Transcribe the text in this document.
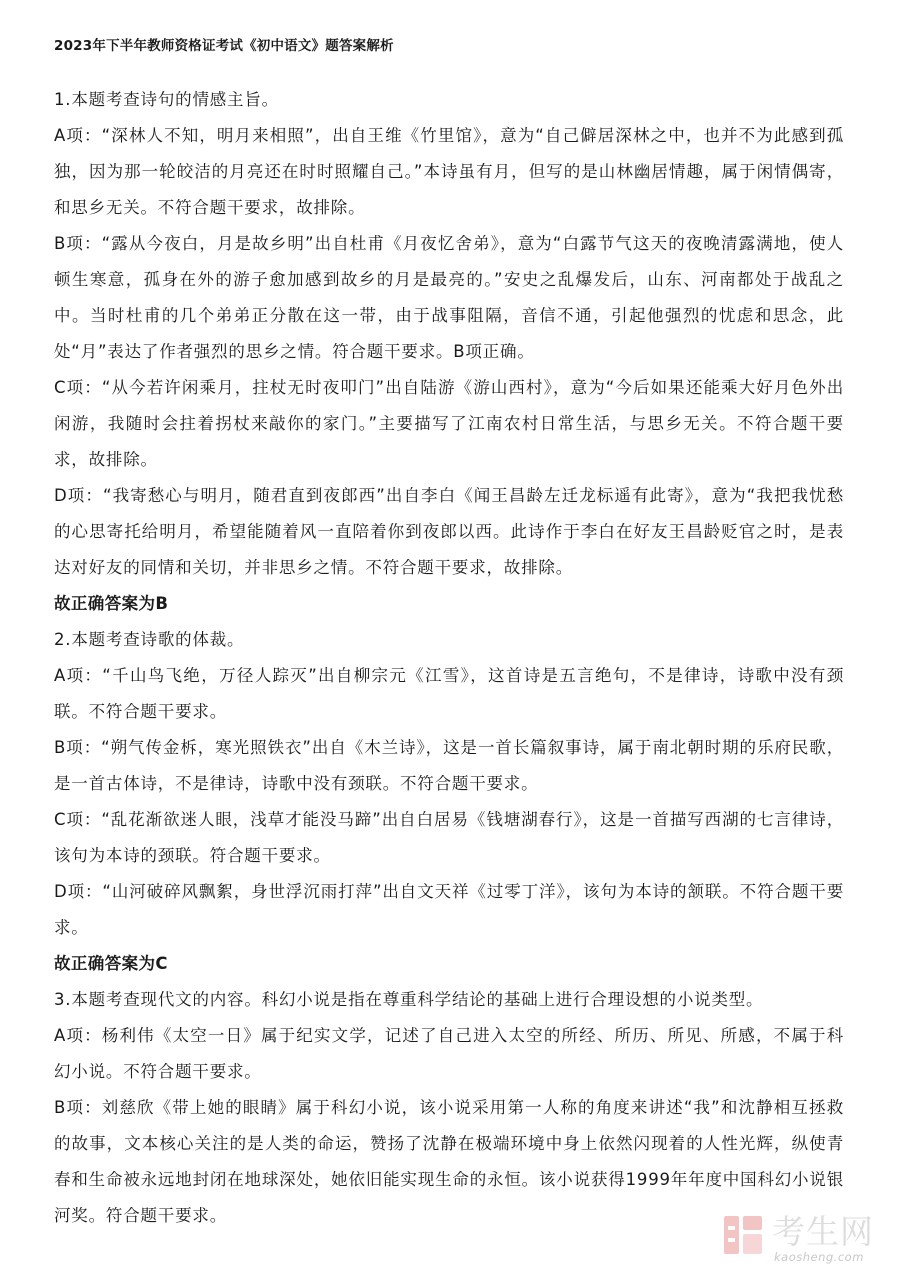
2023年下半年教师资格证考试《初中语文》题答案解析

1.本题考查诗句的情感主旨。

A项：“深林人不知，明月来相照”，出自王维《竹里馆》，意为“自己僻居深林之中，也并不为此感到孤独，因为那一轮皎洁的月亮还在时时照耀自己。”本诗虽有月，但写的是山林幽居情趣，属于闲情偶寄，和思乡无关。不符合题干要求，故排除。

B项：“露从今夜白，月是故乡明”出自杜甫《月夜忆舍弟》，意为“白露节气这天的夜晚清露满地，使人顿生寒意，孤身在外的游子愈加感到故乡的月是最亮的。”安史之乱爆发后，山东、河南都处于战乱之中。当时杜甫的几个弟弟正分散在这一带，由于战事阻隔，音信不通，引起他强烈的忧虑和思念，此处“月”表达了作者强烈的思乡之情。符合题干要求。B项正确。

C项：“从今若许闲乘月，拄杖无时夜叩门”出自陆游《游山西村》，意为“今后如果还能乘大好月色外出闲游，我随时会拄着拐杖来敲你的家门。”主要描写了江南农村日常生活，与思乡无关。不符合题干要求，故排除。

D项：“我寄愁心与明月，随君直到夜郎西”出自李白《闻王昌龄左迁龙标遥有此寄》，意为“我把我忧愁的心思寄托给明月，希望能随着风一直陪着你到夜郎以西。此诗作于李白在好友王昌龄贬官之时，是表达对好友的同情和关切，并非思乡之情。不符合题干要求，故排除。

故正确答案为B

2.本题考查诗歌的体裁。

A项：“千山鸟飞绝，万径人踪灭”出自柳宗元《江雪》，这首诗是五言绝句，不是律诗，诗歌中没有颈联。不符合题干要求。

B项：“朔气传金柝，寒光照铁衣”出自《木兰诗》，这是一首长篇叙事诗，属于南北朝时期的乐府民歌，是一首古体诗，不是律诗，诗歌中没有颈联。不符合题干要求。

C项：“乱花渐欲迷人眼，浅草才能没马蹄”出自白居易《钱塘湖春行》，这是一首描写西湖的七言律诗，该句为本诗的颈联。符合题干要求。

D项：“山河破碎风飘絮，身世浮沉雨打萍”出自文天祥《过零丁洋》，该句为本诗的颔联。不符合题干要求。

故正确答案为C

3.本题考查现代文的内容。科幻小说是指在尊重科学结论的基础上进行合理设想的小说类型。

A项：杨利伟《太空一日》属于纪实文学，记述了自己进入太空的所经、所历、所见、所感，不属于科幻小说。不符合题干要求。

B项：刘慈欣《带上她的眼睛》属于科幻小说，该小说采用第一人称的角度来讲述“我”和沈静相互拯救的故事，文本核心关注的是人类的命运，赞扬了沈静在极端环境中身上依然闪现着的人性光辉，纵使青春和生命被永远地封闭在地球深处，她依旧能实现生命的永恒。该小说获得1999年年度中国科幻小说银河奖。符合题干要求。	考生网
kaosheng.com
